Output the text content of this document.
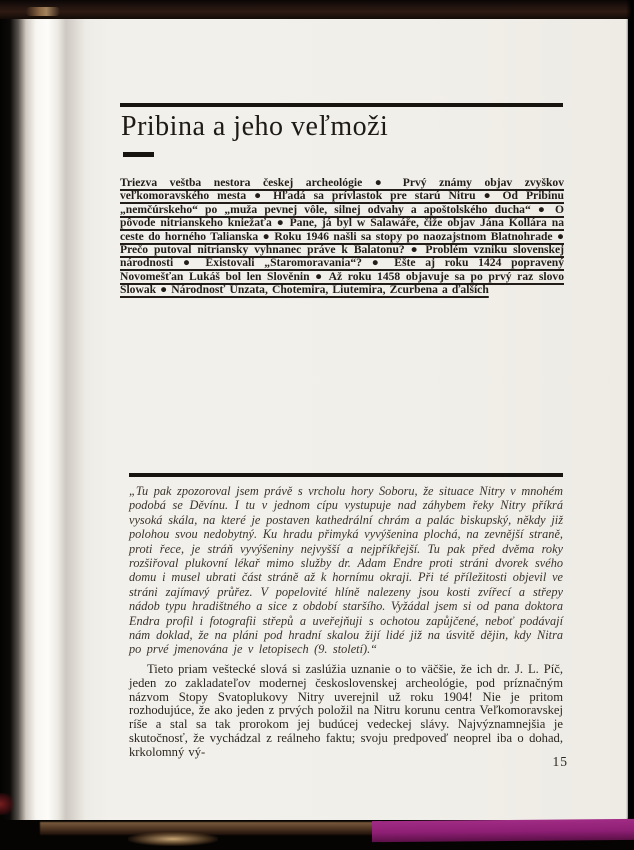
Pribina a jeho veľmoži

Triezva veštba nestora českej archeológie ● Prvý známy objav zvyškov veľkomoravského mesta ● Hľadá sa prívlastok pre starú Nitru ● Od Pribinu „nemčúrskeho“ po „muža pevnej vôle, silnej odvahy a apoštolského ducha“ ● O pôvode nitrianskeho kniežaťa ● Pane, já byl w Salawáře, čiže objav Jána Kollára na ceste do horného Talianska ● Roku 1946 našli sa stopy po naozajstnom Blatnohrade ● Prečo putoval nitriansky vyhnanec práve k Balatonu? ● Problém vzniku slovenskej národnosti ● Existovali „Staromoravania“? ● Ešte aj roku 1424 popravený Novomešťan Lukáš bol len Slověnin ● Až roku 1458 objavuje sa po prvý raz slovo Slowak ● Národnosť Unzata, Chotemira, Liutemira, Zcurbena a ďalších

„Tu pak zpozoroval jsem právě s vrcholu hory Soboru, že situace Nitry v mnohém podobá se Děvínu. I tu v jednom cípu vystupuje nad záhybem řeky Nitry příkrá vysoká skála, na které je postaven kathedrální chrám a palác biskupský, někdy již polohou svou nedobytný. Ku hradu přimyká vyvýšenina plochá, na zevnější straně, proti řece, je stráň vyvýšeniny nejvyšší a nejpříkřejší. Tu pak před dvěma roky rozšiřoval plukovní lékař mimo služby dr. Adam Endre proti stráni dvorek svého domu i musel ubrati část stráně až k hornímu okraji. Při té příležitosti objevil ve stráni zajímavý průřez. V popelovité hlíně nalezeny jsou kosti zvířecí a střepy nádob typu hradištného a sice z období staršího. Vyžádal jsem si od pana doktora Endra profil i fotografii střepů a uveřejňuji s ochotou zapůjčené, neboť podávají nám doklad, že na pláni pod hradní skalou žijí lidé již na úsvitě dějin, kdy Nitra po prvé jmenována je v letopisech (9. století).“

Tieto priam veštecké slová si zaslúžia uznanie o to väčšie, že ich dr. J. L. Píč, jeden zo zakladateľov modernej československej archeológie, pod príznačným názvom Stopy Svatoplukovy Nitry uverejnil už roku 1904! Nie je pritom rozhodujúce, že ako jeden z prvých položil na Nitru korunu centra Veľkomoravskej ríše a stal sa tak prorokom jej budúcej vedeckej slávy. Najvýznamnejšia je skutočnosť, že vychádzal z reálneho faktu; svoju predpoveď neoprel iba o dohad, krkolomný vý-

15
